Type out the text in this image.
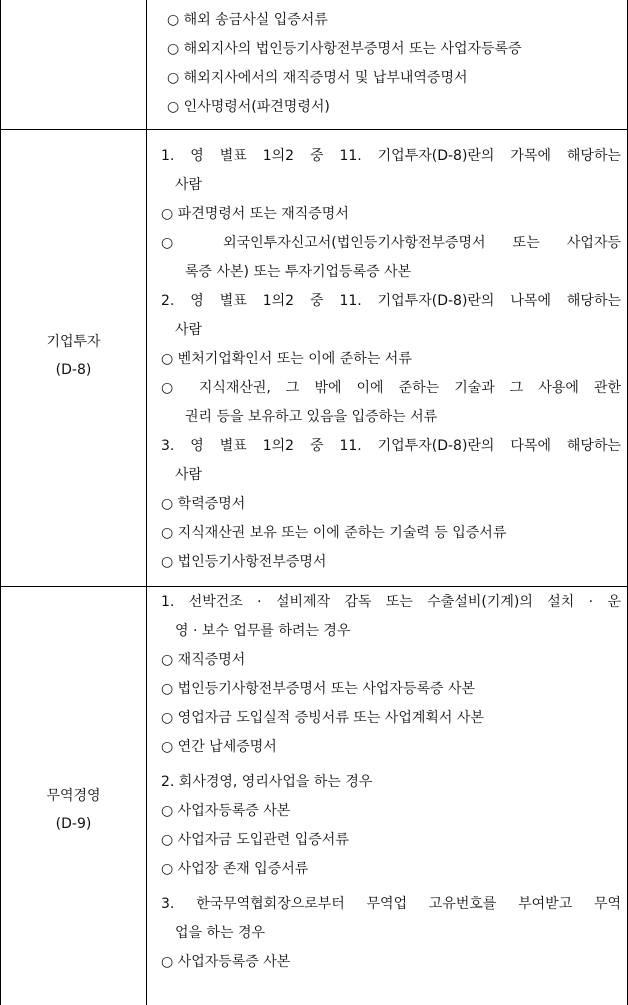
○ 해외 송금사실 입증서류
○ 해외지사의 법인등기사항전부증명서 또는 사업자등록증
○ 해외지사에서의 재직증명서 및 납부내역증명서
○ 인사명령서(파견명령서)
기업투자
(D-8)
1. 영 별표 1의2 중 11. 기업투자(D-8)란의 가목에 해당하는
사람
○ 파견명령서 또는 재직증명서
○ 외국인투자신고서(법인등기사항전부증명서 또는 사업자등
록증 사본) 또는 투자기업등록증 사본
2. 영 별표 1의2 중 11. 기업투자(D-8)란의 나목에 해당하는
사람
○ 벤처기업확인서 또는 이에 준하는 서류
○ 지식재산권, 그 밖에 이에 준하는 기술과 그 사용에 관한
권리 등을 보유하고 있음을 입증하는 서류
3. 영 별표 1의2 중 11. 기업투자(D-8)란의 다목에 해당하는
사람
○ 학력증명서
○ 지식재산권 보유 또는 이에 준하는 기술력 등 입증서류
○ 법인등기사항전부증명서
무역경영
(D-9)
1. 선박건조 · 설비제작 감독 또는 수출설비(기계)의 설치 · 운
영 · 보수 업무를 하려는 경우
○ 재직증명서
○ 법인등기사항전부증명서 또는 사업자등록증 사본
○ 영업자금 도입실적 증빙서류 또는 사업계획서 사본
○ 연간 납세증명서
2. 회사경영, 영리사업을 하는 경우
○ 사업자등록증 사본
○ 사업자금 도입관련 입증서류
○ 사업장 존재 입증서류
3. 한국무역협회장으로부터 무역업 고유번호를 부여받고 무역
업을 하는 경우
○ 사업자등록증 사본
